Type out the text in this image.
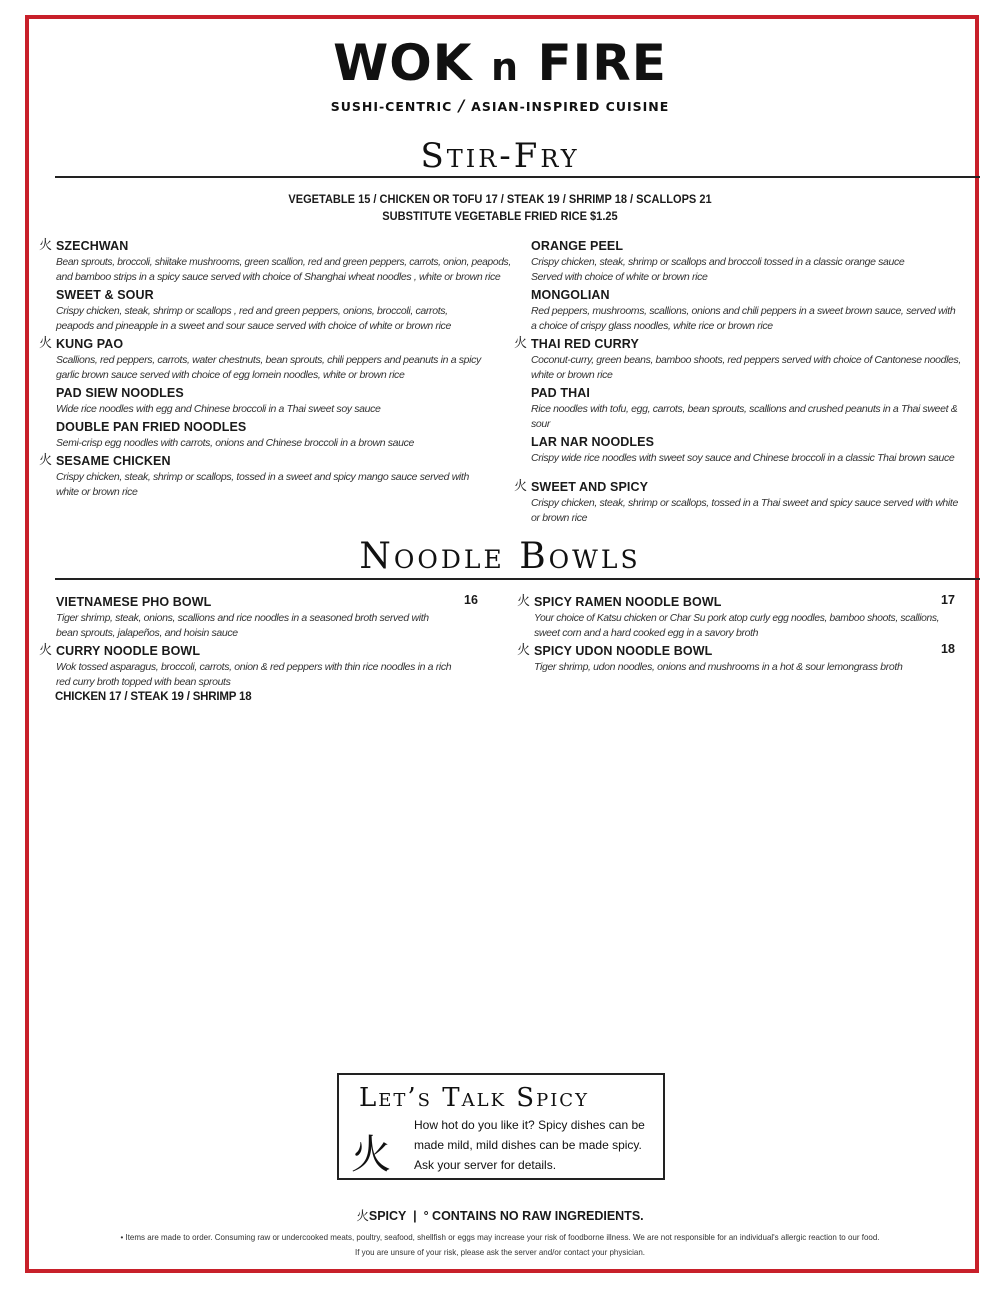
WOK n FIRE
SUSHI-CENTRIC / ASIAN-INSPIRED CUISINE
Stir-Fry
VEGETABLE 15 / CHICKEN OR TOFU 17 / STEAK 19 / SHRIMP 18 / SCALLOPS 21
SUBSTITUTE VEGETABLE FRIED RICE $1.25
SZECHWAN
Bean sprouts, broccoli, shiitake mushrooms, green scallion, red and green peppers, carrots, onion, peapods,
and bamboo strips in a spicy sauce served with choice of Shanghai wheat noodles , white or brown rice
火
SWEET & SOUR
Crispy chicken, steak, shrimp or scallops , red and green peppers, onions, broccoli, carrots,
peapods and pineapple in a sweet and sour sauce served with choice of white or brown rice
KUNG PAO
Scallions, red peppers, carrots, water chestnuts, bean sprouts, chili peppers and peanuts in a spicy
garlic brown sauce served with choice of egg lomein noodles, white or brown rice
火
PAD SIEW NOODLES
Wide rice noodles with egg and Chinese broccoli in a Thai sweet soy sauce
DOUBLE PAN FRIED NOODLES
Semi-crisp egg noodles with carrots, onions and Chinese broccoli in a brown sauce
SESAME CHICKEN
Crispy chicken, steak, shrimp or scallops, tossed in a sweet and spicy mango sauce served with
white or brown rice
火
ORANGE PEEL
Crispy chicken, steak, shrimp or scallops and broccoli tossed in a classic orange sauce
Served with choice of white or brown rice
MONGOLIAN
Red peppers, mushrooms, scallions, onions and chili peppers in a sweet brown sauce, served with
a choice of crispy glass noodles, white rice or brown rice
THAI RED CURRY
Coconut-curry, green beans, bamboo shoots, red peppers served with choice of Cantonese noodles,
white or brown rice
火
PAD THAI
Rice noodles with tofu, egg, carrots, bean sprouts, scallions and crushed peanuts in a Thai sweet &
sour
LAR NAR NOODLES
Crispy wide rice noodles with sweet soy sauce and Chinese broccoli in a classic Thai brown sauce
SWEET AND SPICY
Crispy chicken, steak, shrimp or scallops, tossed in a Thai sweet and spicy sauce served with white
or brown rice
火
Noodle Bowls
VIETNAMESE PHO BOWL
Tiger shrimp, steak, onions, scallions and rice noodles in a seasoned broth served with
bean sprouts, jalapeños, and hoisin sauce
16
CURRY NOODLE BOWL
Wok tossed asparagus, broccoli, carrots, onion & red peppers with thin rice noodles in a rich
red curry broth topped with bean sprouts
火
SPICY RAMEN NOODLE BOWL
Your choice of Katsu chicken or Char Su pork atop curly egg noodles, bamboo shoots, scallions,
sweet corn and a hard cooked egg in a savory broth
火	17
SPICY UDON NOODLE BOWL
Tiger shrimp, udon noodles, onions and mushrooms in a hot & sour lemongrass broth
火	18
CHICKEN 17 / STEAK 19 / SHRIMP 18
Let’s Talk Spicy
火
How hot do you like it? Spicy dishes can be
made mild, mild dishes can be made spicy.
Ask your server for details.
火SPICY | ° CONTAINS NO RAW INGREDIENTS.
• Items are made to order. Consuming raw or undercooked meats, poultry, seafood, shellfish or eggs may increase your risk of foodborne illness. We are not responsible for an individual's allergic reaction to our food.
If you are unsure of your risk, please ask the server and/or contact your physician.
